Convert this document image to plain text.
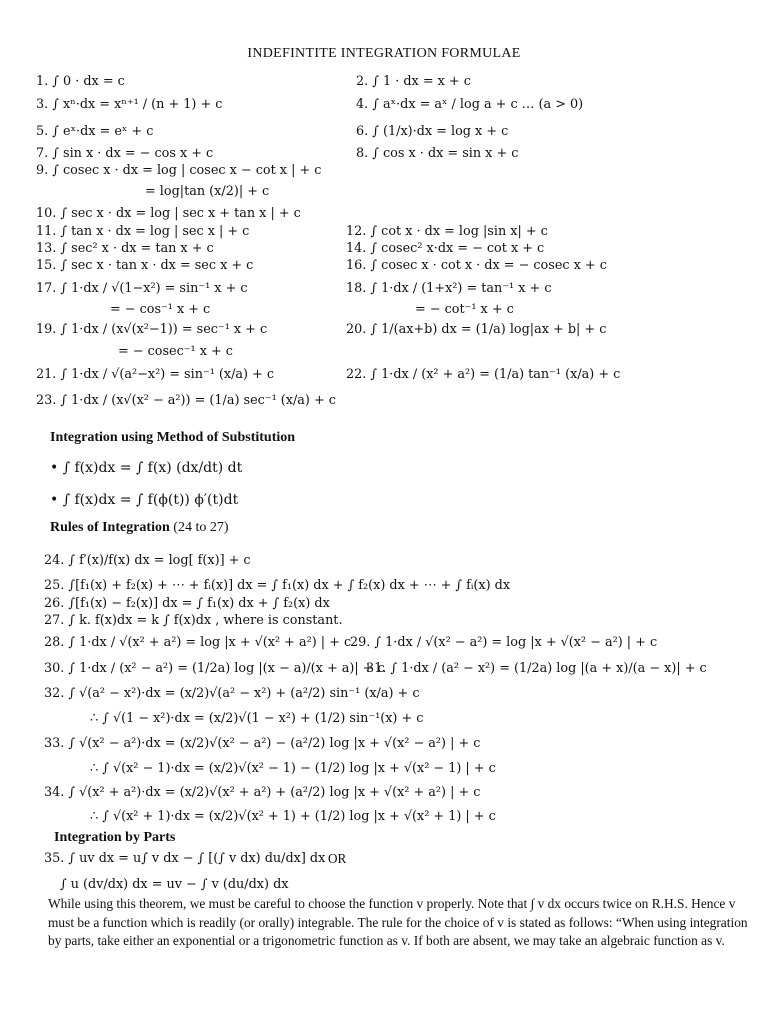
INDEFINTITE INTEGRATION FORMULAE
1. ∫ 0 · dx = c	2. ∫ 1 · dx = x + c
3. ∫ xⁿ·dx = xⁿ⁺¹ / (n + 1) + c	4. ∫ aˣ·dx = aˣ / log a + c … (a > 0)
5. ∫ eˣ·dx = eˣ + c	6. ∫ (1/x)·dx = log x + c
7. ∫ sin x · dx = − cos x + c	8. ∫ cos x · dx = sin x + c
9. ∫ cosec x · dx = log | cosec x − cot x | + c
= log|tan (x/2)| + c
10. ∫ sec x · dx = log | sec x + tan x | + c
11. ∫ tan x · dx = log | sec x | + c	12. ∫ cot x · dx = log |sin x| + c
13. ∫ sec² x · dx = tan x + c	14. ∫ cosec² x·dx = − cot x + c
15. ∫ sec x · tan x · dx = sec x + c	16. ∫ cosec x · cot x · dx = − cosec x + c
17. ∫ 1·dx / √(1−x²) = sin⁻¹ x + c
= − cos⁻¹ x + c
18. ∫ 1·dx / (1+x²) = tan⁻¹ x + c
= − cot⁻¹ x + c
19. ∫ 1·dx / (x√(x²−1)) = sec⁻¹ x + c
= − cosec⁻¹ x + c
20. ∫ 1/(ax+b) dx = (1/a) log|ax + b| + c
21. ∫ 1·dx / √(a²−x²) = sin⁻¹ (x/a) + c	22. ∫ 1·dx / (x² + a²) = (1/a) tan⁻¹ (x/a) + c
23. ∫ 1·dx / (x√(x² − a²)) = (1/a) sec⁻¹ (x/a) + c
Integration using Method of Substitution
• ∫ f(x)dx = ∫ f(x) (dx/dt) dt
• ∫ f(x)dx = ∫ f(ϕ(t)) ϕ′(t)dt
Rules of Integration (24 to 27)
24. ∫ f′(x)/f(x) dx = log[ f(x)] + c
25. ∫[f₁(x) + f₂(x) + ⋯ + fᵢ(x)] dx = ∫ f₁(x) dx + ∫ f₂(x) dx + ⋯ + ∫ fᵢ(x) dx
26. ∫[f₁(x) − f₂(x)] dx = ∫ f₁(x) dx + ∫ f₂(x) dx
27. ∫ k. f(x)dx = k ∫ f(x)dx , where is constant.
28. ∫ 1·dx / √(x² + a²) = log |x + √(x² + a²) | + c
29. ∫ 1·dx / √(x² − a²) = log |x + √(x² − a²) | + c
30. ∫ 1·dx / (x² − a²) = (1/2a) log |(x − a)/(x + a)| + c
31. ∫ 1·dx / (a² − x²) = (1/2a) log |(a + x)/(a − x)| + c
32. ∫ √(a² − x²)·dx = (x/2)√(a² − x²) + (a²/2) sin⁻¹ (x/a) + c
∴ ∫ √(1 − x²)·dx = (x/2)√(1 − x²) + (1/2) sin⁻¹(x) + c
33. ∫ √(x² − a²)·dx = (x/2)√(x² − a²) − (a²/2) log |x + √(x² − a²) | + c
∴ ∫ √(x² − 1)·dx = (x/2)√(x² − 1) − (1/2) log |x + √(x² − 1) | + c
34. ∫ √(x² + a²)·dx = (x/2)√(x² + a²) + (a²/2) log |x + √(x² + a²) | + c
∴ ∫ √(x² + 1)·dx = (x/2)√(x² + 1) + (1/2) log |x + √(x² + 1) | + c
Integration by Parts
35. ∫ uv dx = u∫ v dx − ∫ [(∫ v dx) du/dx] dx OR
∫ u (dv/dx) dx = uv − ∫ v (du/dx) dx
While using this theorem, we must be careful to choose the function v properly. Note that ∫ v dx occurs twice on R.H.S. Hence v must be a function which is readily (or orally) integrable. The rule for the choice of v is stated as follows: “When using integration by parts, take either an exponential or a trigonometric function as v. If both are absent, we may take an algebraic function as v.
